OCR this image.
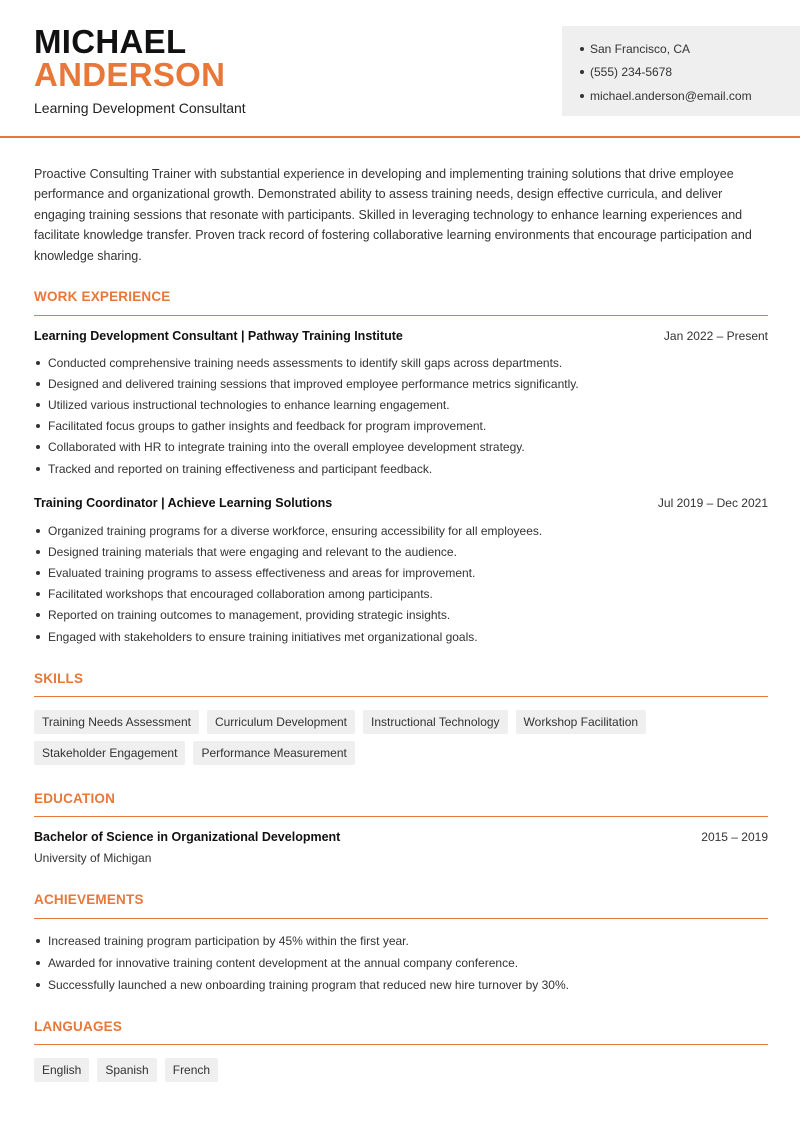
MICHAEL
ANDERSON
Learning Development Consultant
San Francisco, CA
(555) 234-5678
michael.anderson@email.com
Proactive Consulting Trainer with substantial experience in developing and implementing training solutions that drive employee performance and organizational growth. Demonstrated ability to assess training needs, design effective curricula, and deliver engaging training sessions that resonate with participants. Skilled in leveraging technology to enhance learning experiences and facilitate knowledge transfer. Proven track record of fostering collaborative learning environments that encourage participation and knowledge sharing.
WORK EXPERIENCE
Learning Development Consultant | Pathway Training Institute	Jan 2022 – Present
Conducted comprehensive training needs assessments to identify skill gaps across departments.
Designed and delivered training sessions that improved employee performance metrics significantly.
Utilized various instructional technologies to enhance learning engagement.
Facilitated focus groups to gather insights and feedback for program improvement.
Collaborated with HR to integrate training into the overall employee development strategy.
Tracked and reported on training effectiveness and participant feedback.
Training Coordinator | Achieve Learning Solutions	Jul 2019 – Dec 2021
Organized training programs for a diverse workforce, ensuring accessibility for all employees.
Designed training materials that were engaging and relevant to the audience.
Evaluated training programs to assess effectiveness and areas for improvement.
Facilitated workshops that encouraged collaboration among participants.
Reported on training outcomes to management, providing strategic insights.
Engaged with stakeholders to ensure training initiatives met organizational goals.
SKILLS
Training Needs Assessment	Curriculum Development	Instructional Technology	Workshop Facilitation
Stakeholder Engagement	Performance Measurement
EDUCATION
Bachelor of Science in Organizational Development	2015 – 2019
University of Michigan
ACHIEVEMENTS
Increased training program participation by 45% within the first year.
Awarded for innovative training content development at the annual company conference.
Successfully launched a new onboarding training program that reduced new hire turnover by 30%.
LANGUAGES
English	Spanish	French
